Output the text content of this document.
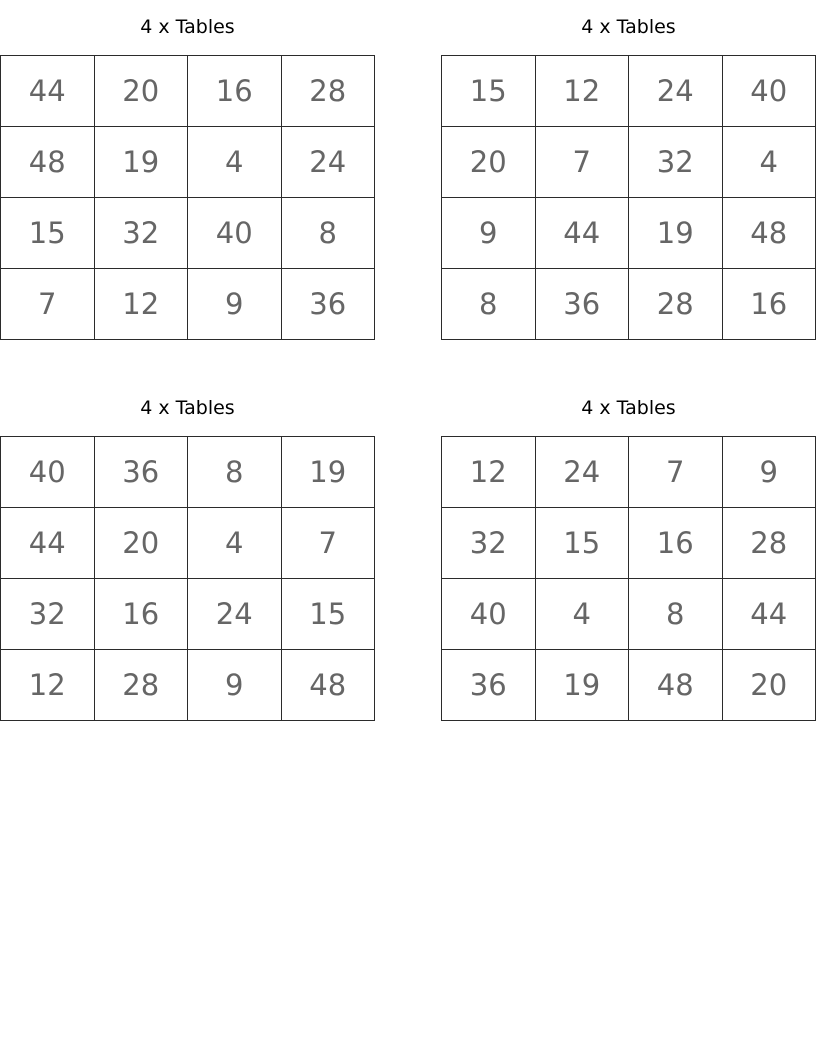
4 x Tables
44	20	16	28
48	19	4	24
15	32	40	8
7	12	9	36
4 x Tables
15	12	24	40
20	7	32	4
9	44	19	48
8	36	28	16
4 x Tables
40	36	8	19
44	20	4	7
32	16	24	15
12	28	9	48
4 x Tables
12	24	7	9
32	15	16	28
40	4	8	44
36	19	48	20
